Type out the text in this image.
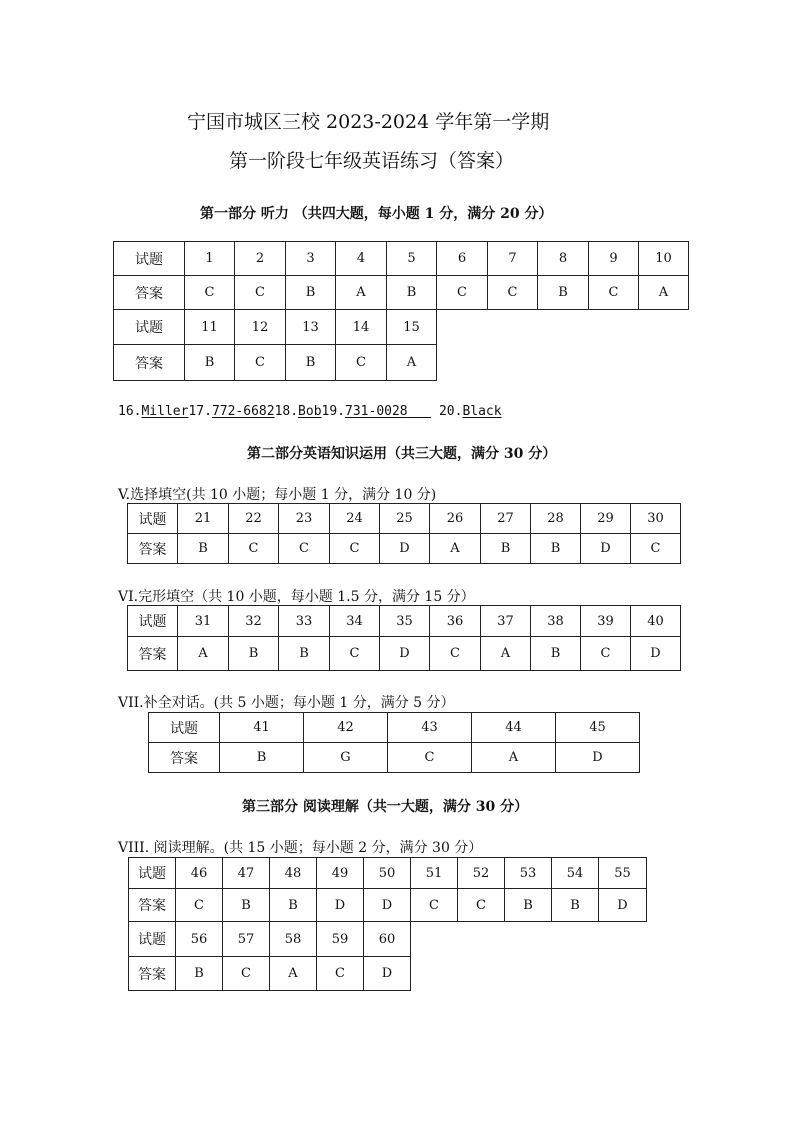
宁国市城区三校 2023-2024 学年第一学期
第一阶段七年级英语练习（答案）
第一部分 听力 （共四大题，每小题 1 分，满分 20 分）
试题	1	2	3	4	5	6	7	8	9	10
答案	C	C	B	A	B	C	C	B	C	A
试题	11	12	13	14	15
答案	B	C	B	C	A
16.Miller17.772-668218.Bob19.731-0028 20.Black
第二部分英语知识运用（共三大题，满分 30 分）
V.选择填空(共 10 小题；每小题 1 分，满分 10 分)
试题	21	22	23	24	25	26	27	28	29	30
答案	B	C	C	C	D	A	B	B	D	C
VI.完形填空（共 10 小题，每小题 1.5 分，满分 15 分）
试题	31	32	33	34	35	36	37	38	39	40
答案	A	B	B	C	D	C	A	B	C	D
VII.补全对话。(共 5 小题；每小题 1 分，满分 5 分）
试题	41	42	43	44	45
答案	B	G	C	A	D
第三部分 阅读理解（共一大题，满分 30 分）
VIII. 阅读理解。(共 15 小题；每小题 2 分，满分 30 分）
试题	46	47	48	49	50	51	52	53	54	55
答案	C	B	B	D	D	C	C	B	B	D
试题	56	57	58	59	60
答案	B	C	A	C	D
